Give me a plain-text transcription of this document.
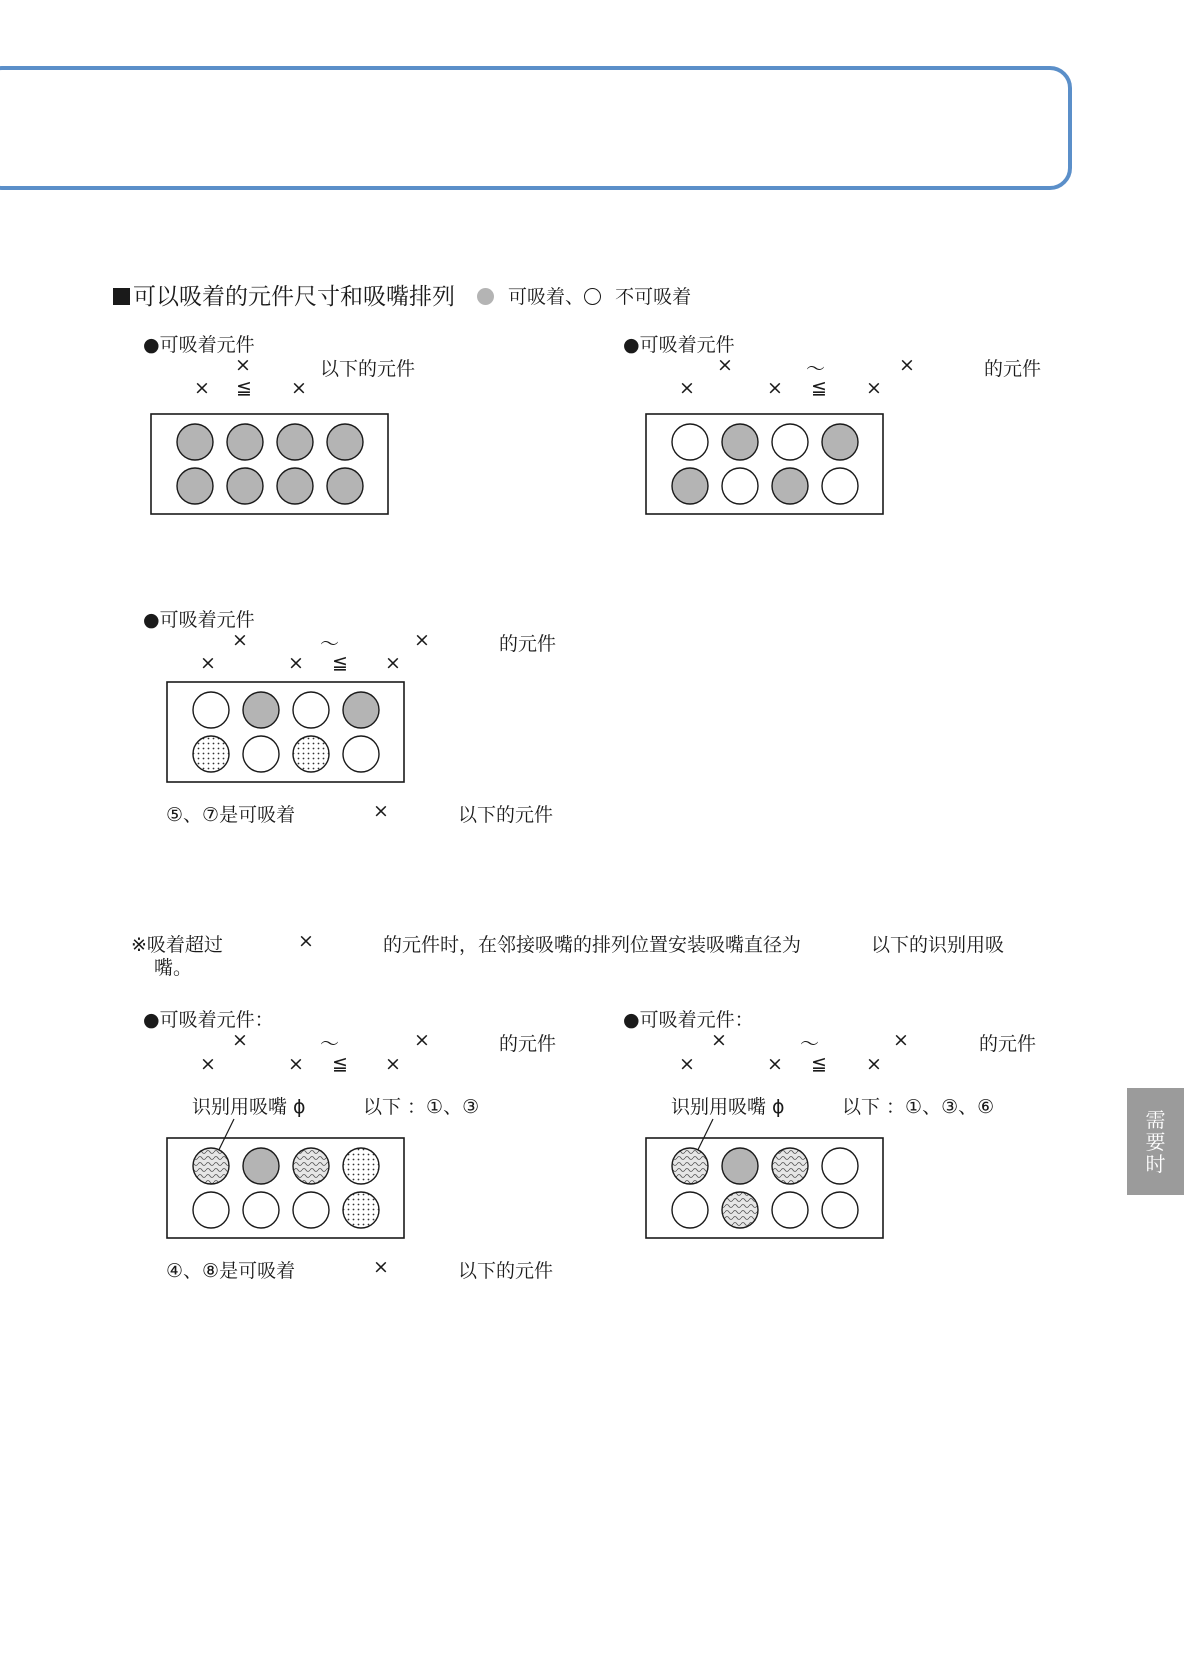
可以吸着的元件尺寸和吸嘴排列	可吸着、 不可吸着
●可吸着元件
×	以下的元件
× ≦ ×
●可吸着元件
×	～	×	的元件
×	× ≦ ×
●可吸着元件
×	～	×	的元件
×	× ≦ ×
⑤、⑦是可吸着	×	以下的元件
※吸着超过	×	的元件时，在邻接吸嘴的排列位置安装吸嘴直径为	以下的识别用吸
嘴。
●可吸着元件：
×	～	×	的元件
×	× ≦ ×
识别用吸嘴 ϕ	以下 ：①、③
④、⑧是可吸着	×	以下的元件
●可吸着元件：
×	～	×	的元件
×	× ≦ ×
识别用吸嘴 ϕ	以下 ：①、③、⑥
需要时
